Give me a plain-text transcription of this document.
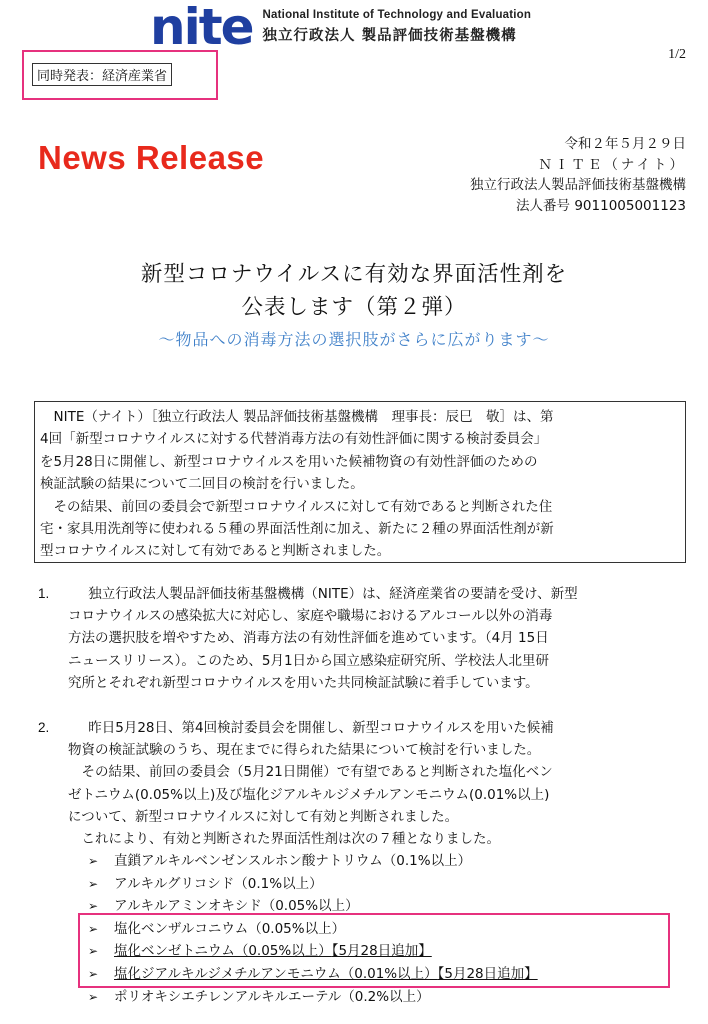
nite National Institute of Technology and Evaluation
独立行政法人 製品評価技術基盤機構
1/2
同時発表：経済産業省
News Release	令和２年５月２９日
ＮＩＴＥ（ナイト）
独立行政法人製品評価技術基盤機構
法人番号 9011005001123
新型コロナウイルスに有効な界面活性剤を
公表します（第２弾）
～物品への消毒方法の選択肢がさらに広がります～

NITE（ナイト）［独立行政法人 製品評価技術基盤機構　理事長：辰巳　敬］は、第

4回「新型コロナウイルスに対する代替消毒方法の有効性評価に関する検討委員会」

を5月28日に開催し、新型コロナウイルスを用いた候補物資の有効性評価のための

検証試験の結果について二回目の検討を行いました。

その結果、前回の委員会で新型コロナウイルスに対して有効であると判断された住

宅・家具用洗剤等に使われる５種の界面活性剤に加え、新たに２種の界面活性剤が新

型コロナウイルスに対して有効であると判断されました。

1.	独立行政法人製品評価技術基盤機構（NITE）は、経済産業省の要請を受け、新型

コロナウイルスの感染拡大に対応し、家庭や職場におけるアルコール以外の消毒

方法の選択肢を増やすため、消毒方法の有効性評価を進めています。（4月 15日

ニュースリリース）。このため、5月1日から国立感染症研究所、学校法人北里研

究所とそれぞれ新型コロナウイルスを用いた共同検証試験に着手しています。

2.	昨日5月28日、第4回検討委員会を開催し、新型コロナウイルスを用いた候補

物資の検証試験のうち、現在までに得られた結果について検討を行いました。

その結果、前回の委員会（5月21日開催）で有望であると判断された塩化ベン

ゼトニウム(0.05%以上)及び塩化ジアルキルジメチルアンモニウム(0.01%以上)

について、新型コロナウイルスに対して有効と判断されました。

これにより、有効と判断された界面活性剤は次の７種となりました。

➢ 直鎖アルキルベンゼンスルホン酸ナトリウム（0.1%以上）
➢ アルキルグリコシド（0.1%以上）
➢ アルキルアミンオキシド（0.05%以上）
➢ 塩化ベンザルコニウム（0.05%以上）
➢ 塩化ベンゼトニウム（0.05%以上）【5月28日追加】
➢ 塩化ジアルキルジメチルアンモニウム（0.01%以上）【5月28日追加】
➢ ポリオキシエチレンアルキルエーテル（0.2%以上）
